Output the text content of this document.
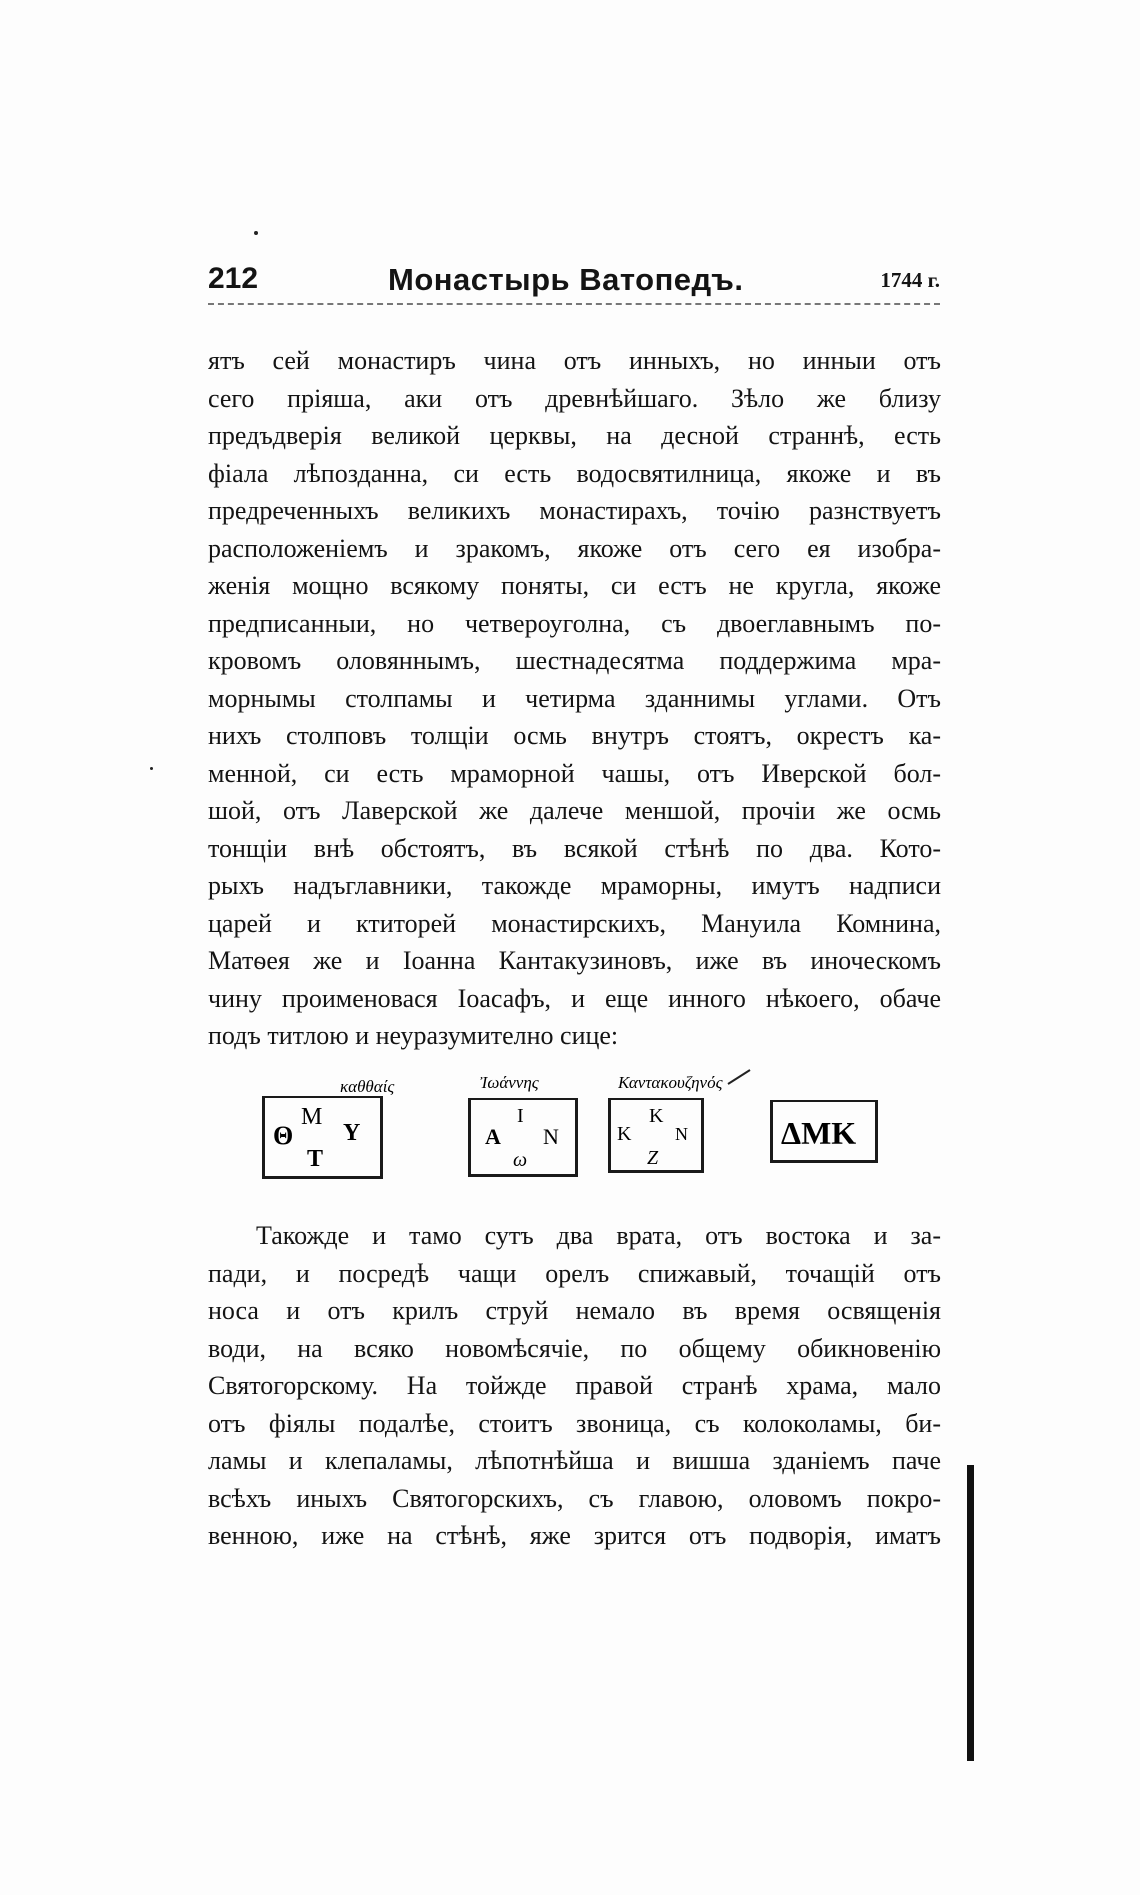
212	Монастырь Ватопедъ.	1744 г.
ятъ сей монастиръ чина отъ инныхъ, но инныи отъ
сего пріяша, аки отъ древнѣйшаго. Зѣло же близу
предъдверія великой церквы, на десной страннѣ, есть
фіала лѣпозданна, си есть водосвятилница, якоже и въ
предреченныхъ великихъ монастирахъ, точію разнствуетъ
расположенiемъ и зракомъ, якоже отъ сего ея изобра-
женія мощно всякому поняты, си естъ не кругла, якоже
предписанныи, но четвероуголна, съ двоеглавнымъ по-
кровомъ оловяннымъ, шестнадесятма поддержима мра-
морнымы столпамы и четирма зданнимы углами. Отъ
нихъ столповъ толщіи осмь внутръ стоятъ, окрестъ ка-
менной, си есть мраморной чашы, отъ Иверской бол-
шой, отъ Лаверской же далече меншой, прочіи же осмь
тонщіи внѣ обстоятъ, въ всякой стѣнѣ по два. Кото-
рыхъ надъглавники, такожде мраморны, имутъ надписи
царей и ктиторей монастирскихъ, Мануила Комнина,
Матѳея же и Іоанна Кантакузиновъ, иже въ иноческомъ
чину прoименовася Іоасафъ, и еще инного нѣкоего, обаче
подъ титлою и неуразумително сице:
Θ
Μ
Τ
Υ
καθθαίς
Α
Ι
Ν
ω
Ἰωάννης
Κ
Κ
Ν
Ζ
Καντακουζηνός
ΔΜΚ
Такожде и тамо сутъ два врата, отъ востока и за-
пади, и посредѣ чащи орелъ спижавый, точащій отъ
носа и отъ крилъ струй немало въ время освященія
води, на всяко новомѣсячіе, по общему обикновенію
Святогорскому. На тойжде правой странѣ храма, мало
отъ фіялы подалѣе, стоитъ звоница, съ колоколамы, би-
ламы и клепаламы, лѣпотнѣйша и вишша зданіемъ паче
всѣхъ иныхъ Святогорскихъ, съ главою, оловомъ покро-
венною, иже на стѣнѣ, яже зрится отъ подворія, иматъ
